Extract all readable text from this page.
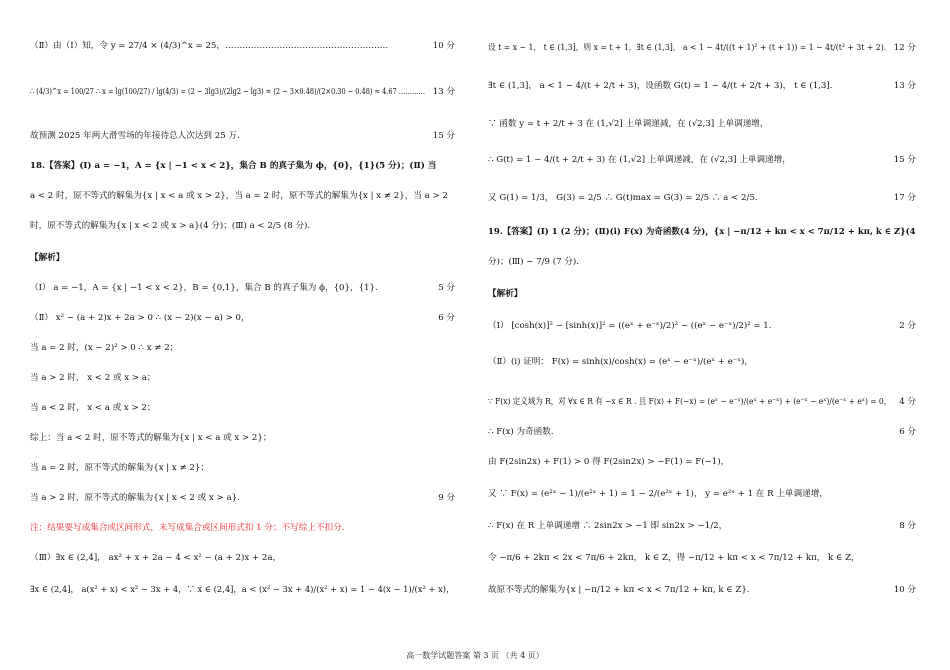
（Ⅱ）由（Ⅰ）知，令 y = 27/4 × (4/3)^x = 25，…………………………………………………	10 分
∴ (4/3)^x = 100/27 ∴ x = lg(100/27) / lg(4/3) = (2 − 3lg3)/(2lg2 − lg3) ≈ (2 − 3×0.48)/(2×0.30 − 0.48) ≈ 4.67 ………… 13 分
故预测 2025 年两大滑雪场的年接待总人次达到 25 万.	15 分
18.【答案】(Ⅰ) a = −1，A = {x | −1 < x < 2}，集合 B 的真子集为 ϕ，{0}，{1}(5 分)；(Ⅱ) 当
a < 2 时，原不等式的解集为{x | x < a 或 x > 2}，当 a = 2 时，原不等式的解集为{x | x ≠ 2}，当 a > 2
时，原不等式的解集为{x | x < 2 或 x > a}(4 分)；(Ⅲ) a < 2/5 (8 分).
【解析】
（Ⅰ） a = −1，A = {x | −1 < x < 2}，B = {0,1}，集合 B 的真子集为 ϕ，{0}，{1}.	5 分
（Ⅱ） x² − (a + 2)x + 2a > 0 ∴ (x − 2)(x − a) > 0，	6 分
当 a = 2 时，(x − 2)² > 0 ∴ x ≠ 2；
当 a > 2 时， x < 2 或 x > a；
当 a < 2 时， x < a 或 x > 2；
综上：当 a < 2 时，原不等式的解集为{x | x < a 或 x > 2}；
当 a = 2 时，原不等式的解集为{x | x ≠ 2}；
当 a > 2 时，原不等式的解集为{x | x < 2 或 x > a}.	9 分
注：结果要写成集合或区间形式，未写成集合或区间形式扣 1 分；不写综上不扣分.
（Ⅲ）∃x ∈ (2,4]， ax² + x + 2a − 4 < x² − (a + 2)x + 2a，
∃x ∈ (2,4]， a(x² + x) < x² − 3x + 4，∵ x ∈ (2,4]，a < (x² − 3x + 4)/(x² + x) = 1 − 4(x − 1)/(x² + x)，
设 t = x − 1， t ∈ (1,3]，则 x = t + 1，∃t ∈ (1,3]， a < 1 − 4t/((t + 1)² + (t + 1)) = 1 − 4t/(t² + 3t + 2). 12 分
∃t ∈ (1,3]， a < 1 − 4/(t + 2/t + 3)，设函数 G(t) = 1 − 4/(t + 2/t + 3)， t ∈ (1,3].	13 分
∵ 函数 y = t + 2/t + 3 在 (1,√2] 上单调递减，在 (√2,3] 上单调递增，
∴ G(t) = 1 − 4/(t + 2/t + 3) 在 (1,√2] 上单调递减，在 (√2,3] 上单调递增，	15 分
又 G(1) = 1/3， G(3) = 2/5 ∴ G(t)max = G(3) = 2/5 ∴ a < 2/5.	17 分
19.【答案】(Ⅰ) 1 (2 分)；(Ⅱ)(ⅰ) F(x) 为奇函数(4 分)，{x | −π/12 + kπ < x < 7π/12 + kπ, k ∈ Z}(4
分)；(Ⅲ) − 7/9 (7 分).
【解析】
（Ⅰ） [cosh(x)]² − [sinh(x)]² = ((eˣ + e⁻ˣ)/2)² − ((eˣ − e⁻ˣ)/2)² = 1.	2 分
（Ⅱ）(ⅰ) 证明： F(x) = sinh(x)/cosh(x) = (eˣ − e⁻ˣ)/(eˣ + e⁻ˣ)，
∵ F(x) 定义域为 R，对 ∀x ∈ R 有 −x ∈ R . 且 F(x) + F(−x) = (eˣ − e⁻ˣ)/(eˣ + e⁻ˣ) + (e⁻ˣ − eˣ)/(e⁻ˣ + eˣ) = 0， 4 分
∴ F(x) 为奇函数.	6 分
由 F(2sin2x) + F(1) > 0 得 F(2sin2x) > −F(1) = F(−1)，
又 ∵ F(x) = (e²ˣ − 1)/(e²ˣ + 1) = 1 − 2/(e²ˣ + 1)， y = e²ˣ + 1 在 R 上单调递增，
∴ F(x) 在 R 上单调递增 ∴ 2sin2x > −1 即 sin2x > −1/2，	8 分
令 −π/6 + 2kπ < 2x < 7π/6 + 2kπ， k ∈ Z，得 −π/12 + kπ < x < 7π/12 + kπ， k ∈ Z，
故原不等式的解集为{x | −π/12 + kπ < x < 7π/12 + kπ, k ∈ Z}.	10 分
高一数学试题答案 第 3 页 （共 4 页）
